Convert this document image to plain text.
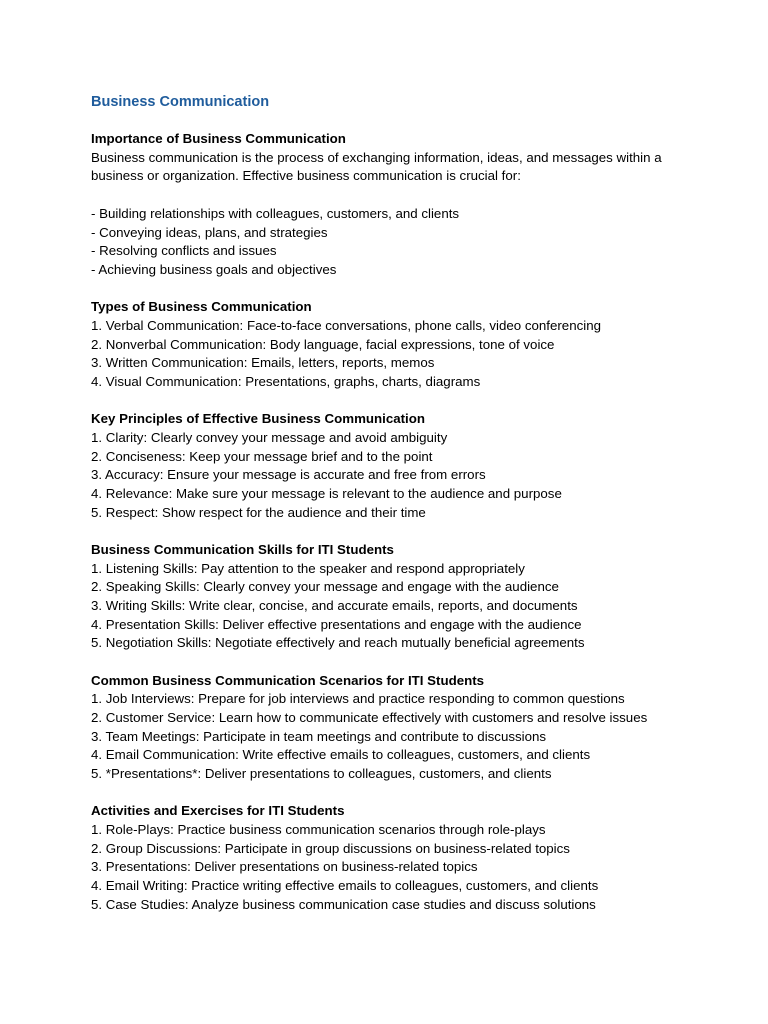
Business Communication
Importance of Business Communication
Business communication is the process of exchanging information, ideas, and messages within a business or organization. Effective business communication is crucial for:
- Building relationships with colleagues, customers, and clients
- Conveying ideas, plans, and strategies
- Resolving conflicts and issues
- Achieving business goals and objectives
Types of Business Communication
1. Verbal Communication: Face-to-face conversations, phone calls, video conferencing
2. Nonverbal Communication: Body language, facial expressions, tone of voice
3. Written Communication: Emails, letters, reports, memos
4. Visual Communication: Presentations, graphs, charts, diagrams
Key Principles of Effective Business Communication
1. Clarity: Clearly convey your message and avoid ambiguity
2. Conciseness: Keep your message brief and to the point
3. Accuracy: Ensure your message is accurate and free from errors
4. Relevance: Make sure your message is relevant to the audience and purpose
5. Respect: Show respect for the audience and their time
Business Communication Skills for ITI Students
1. Listening Skills: Pay attention to the speaker and respond appropriately
2. Speaking Skills: Clearly convey your message and engage with the audience
3. Writing Skills: Write clear, concise, and accurate emails, reports, and documents
4. Presentation Skills: Deliver effective presentations and engage with the audience
5. Negotiation Skills: Negotiate effectively and reach mutually beneficial agreements
Common Business Communication Scenarios for ITI Students
1. Job Interviews: Prepare for job interviews and practice responding to common questions
2. Customer Service: Learn how to communicate effectively with customers and resolve issues
3. Team Meetings: Participate in team meetings and contribute to discussions
4. Email Communication: Write effective emails to colleagues, customers, and clients
5. *Presentations*: Deliver presentations to colleagues, customers, and clients
Activities and Exercises for ITI Students
1. Role-Plays: Practice business communication scenarios through role-plays
2. Group Discussions: Participate in group discussions on business-related topics
3. Presentations: Deliver presentations on business-related topics
4. Email Writing: Practice writing effective emails to colleagues, customers, and clients
5. Case Studies: Analyze business communication case studies and discuss solutions
